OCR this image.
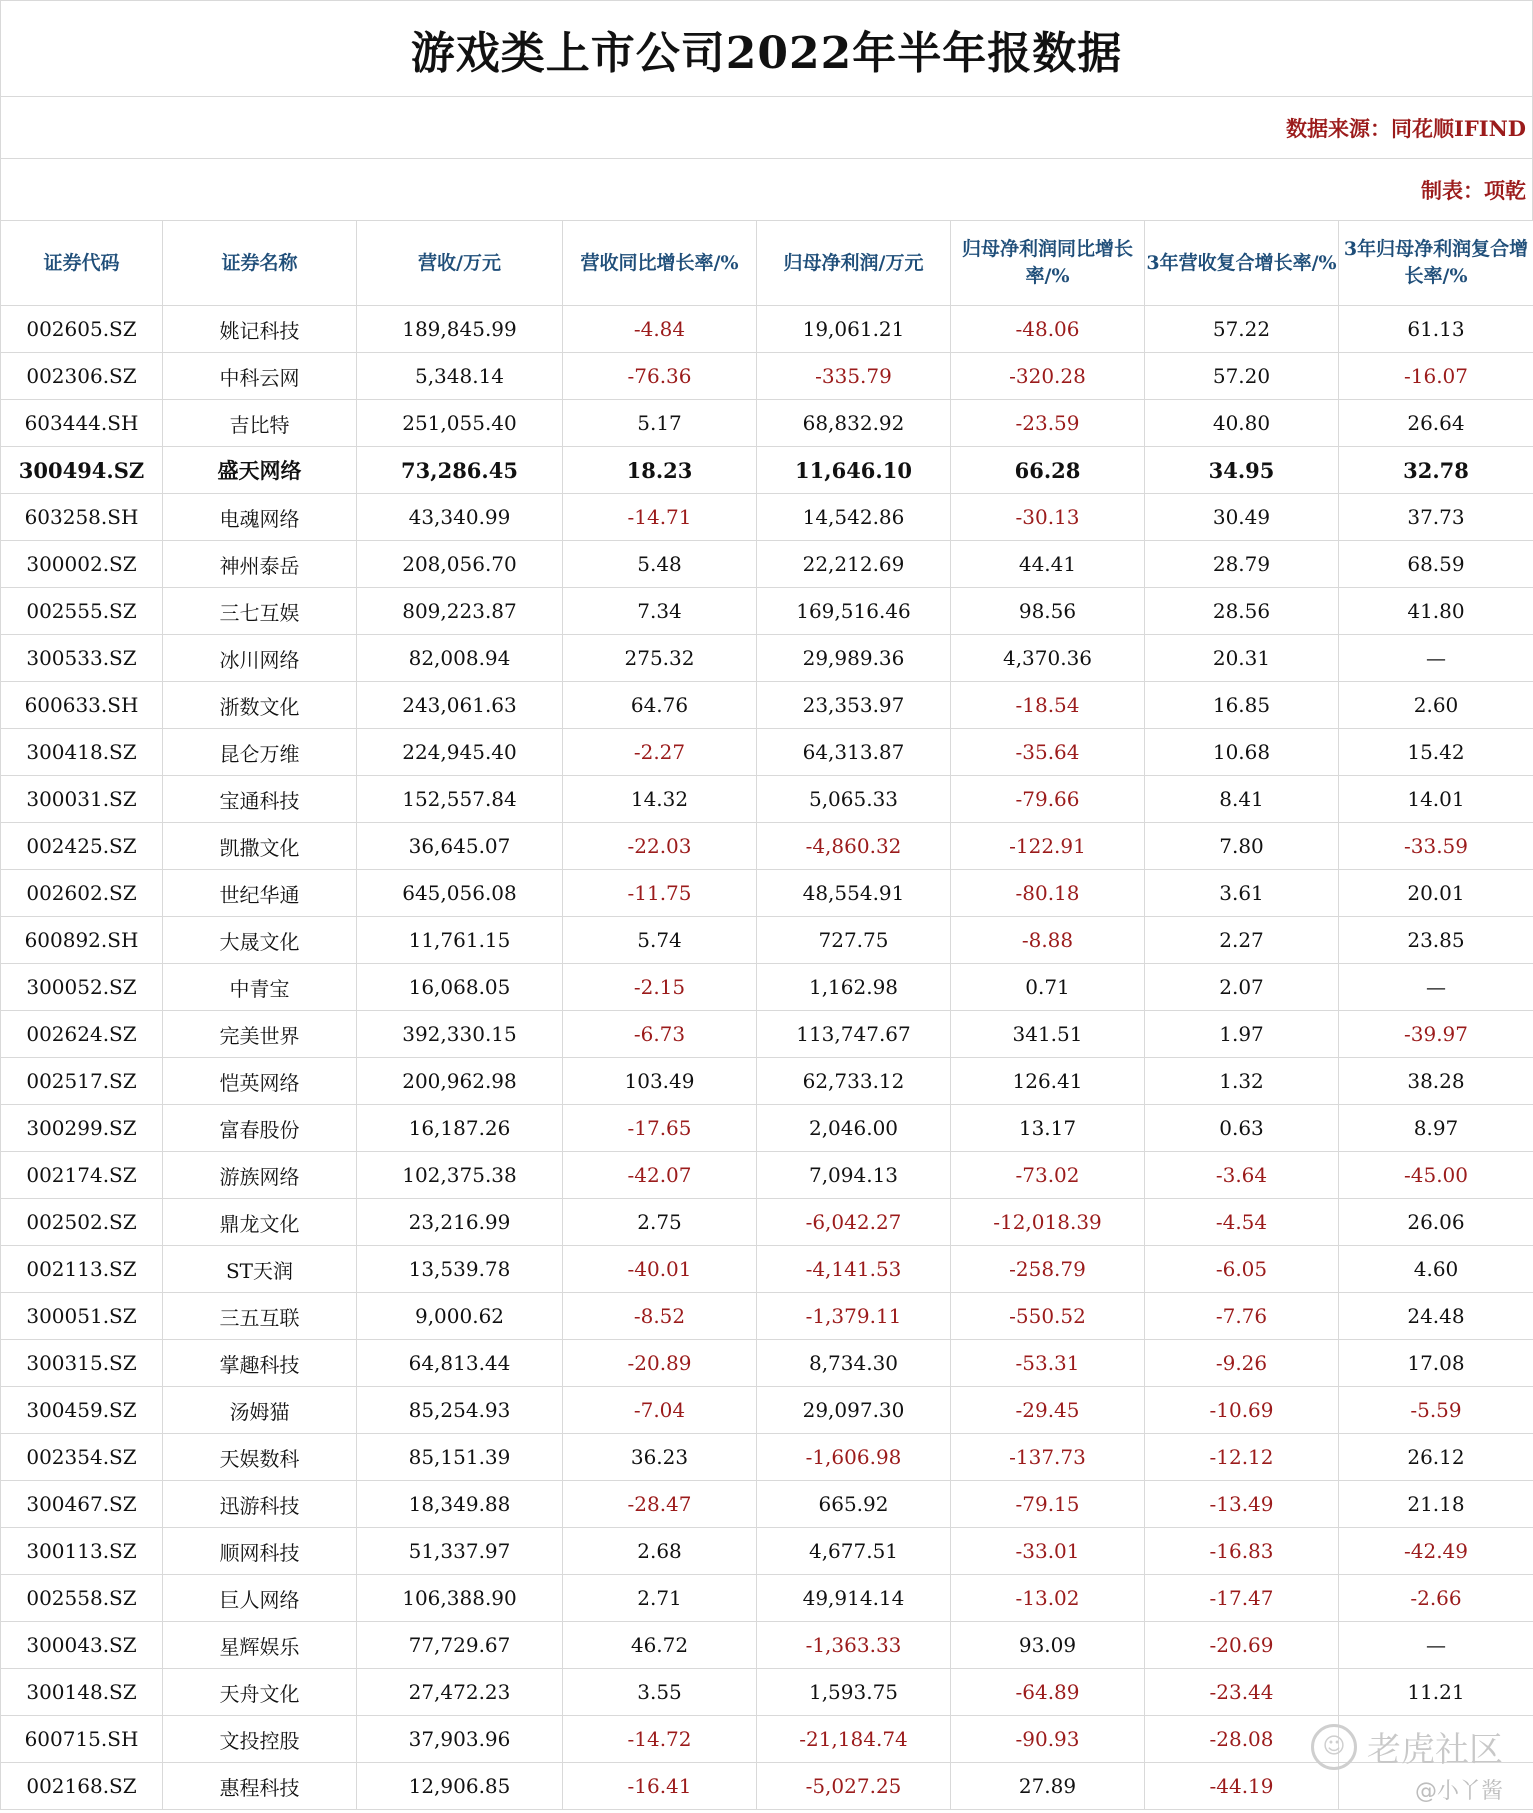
游戏类上市公司2022年半年报数据
数据来源：同花顺IFIND
制表：项乾
证券代码	证券名称	营收/万元	营收同比增长率/%	归母净利润/万元	归母净利润同比增长率/%	3年营收复合增长率/%	3年归母净利润复合增长率/%
002605.SZ	姚记科技	189,845.99	-4.84	19,061.21	-48.06	57.22	61.13
002306.SZ	中科云网	5,348.14	-76.36	-335.79	-320.28	57.20	-16.07
603444.SH	吉比特	251,055.40	5.17	68,832.92	-23.59	40.80	26.64
300494.SZ	盛天网络	73,286.45	18.23	11,646.10	66.28	34.95	32.78
603258.SH	电魂网络	43,340.99	-14.71	14,542.86	-30.13	30.49	37.73
300002.SZ	神州泰岳	208,056.70	5.48	22,212.69	44.41	28.79	68.59
002555.SZ	三七互娱	809,223.87	7.34	169,516.46	98.56	28.56	41.80
300533.SZ	冰川网络	82,008.94	275.32	29,989.36	4,370.36	20.31	—
600633.SH	浙数文化	243,061.63	64.76	23,353.97	-18.54	16.85	2.60
300418.SZ	昆仑万维	224,945.40	-2.27	64,313.87	-35.64	10.68	15.42
300031.SZ	宝通科技	152,557.84	14.32	5,065.33	-79.66	8.41	14.01
002425.SZ	凯撒文化	36,645.07	-22.03	-4,860.32	-122.91	7.80	-33.59
002602.SZ	世纪华通	645,056.08	-11.75	48,554.91	-80.18	3.61	20.01
600892.SH	大晟文化	11,761.15	5.74	727.75	-8.88	2.27	23.85
300052.SZ	中青宝	16,068.05	-2.15	1,162.98	0.71	2.07	—
002624.SZ	完美世界	392,330.15	-6.73	113,747.67	341.51	1.97	-39.97
002517.SZ	恺英网络	200,962.98	103.49	62,733.12	126.41	1.32	38.28
300299.SZ	富春股份	16,187.26	-17.65	2,046.00	13.17	0.63	8.97
002174.SZ	游族网络	102,375.38	-42.07	7,094.13	-73.02	-3.64	-45.00
002502.SZ	鼎龙文化	23,216.99	2.75	-6,042.27	-12,018.39	-4.54	26.06
002113.SZ	ST天润	13,539.78	-40.01	-4,141.53	-258.79	-6.05	4.60
300051.SZ	三五互联	9,000.62	-8.52	-1,379.11	-550.52	-7.76	24.48
300315.SZ	掌趣科技	64,813.44	-20.89	8,734.30	-53.31	-9.26	17.08
300459.SZ	汤姆猫	85,254.93	-7.04	29,097.30	-29.45	-10.69	-5.59
002354.SZ	天娱数科	85,151.39	36.23	-1,606.98	-137.73	-12.12	26.12
300467.SZ	迅游科技	18,349.88	-28.47	665.92	-79.15	-13.49	21.18
300113.SZ	顺网科技	51,337.97	2.68	4,677.51	-33.01	-16.83	-42.49
002558.SZ	巨人网络	106,388.90	2.71	49,914.14	-13.02	-17.47	-2.66
300043.SZ	星辉娱乐	77,729.67	46.72	-1,363.33	93.09	-20.69	—
300148.SZ	天舟文化	27,472.23	3.55	1,593.75	-64.89	-23.44	11.21
600715.SH	文投控股	37,903.96	-14.72	-21,184.74	-90.93	-28.08	
002168.SZ	惠程科技	12,906.85	-16.41	-5,027.25	27.89	-44.19	
☺ 老虎社区
@小丫酱
